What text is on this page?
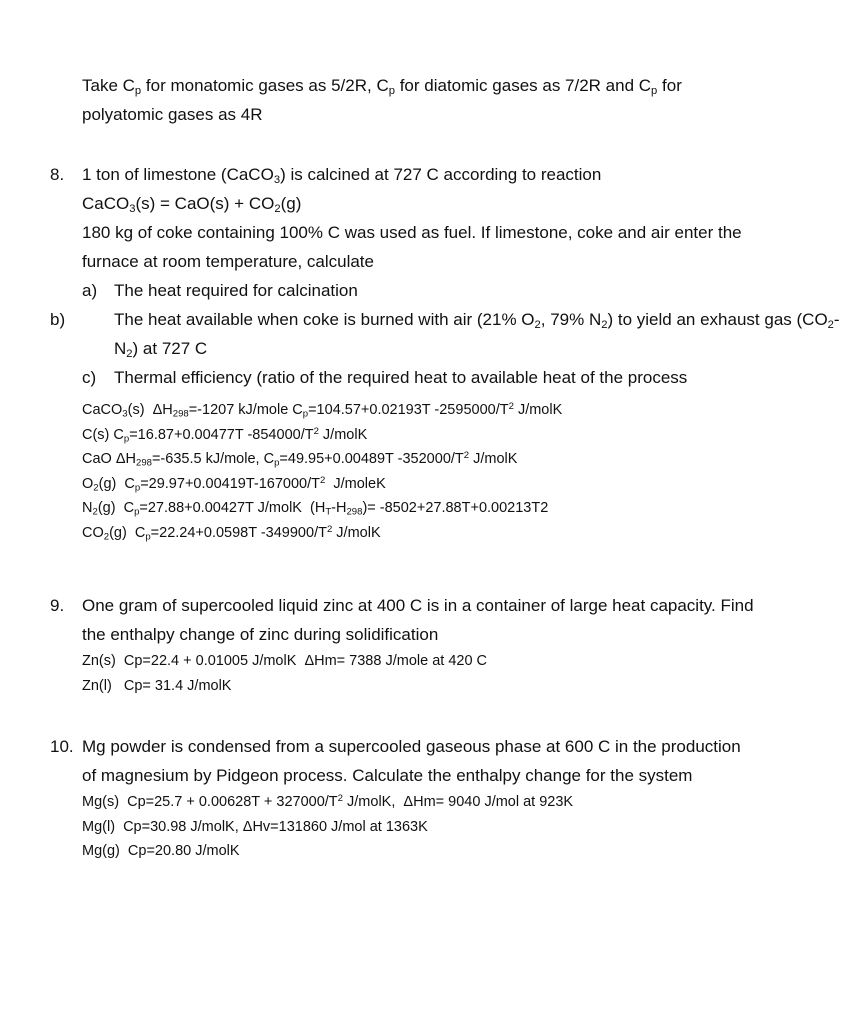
Take $C_p$ for monatomic gases as 5/2R, $C_p$ for diatomic gases as 7/2R and $C_p$ for
polyatomic gases as 4R
8. 1 ton of limestone (CaCO$_3$) is calcined at 727 C according to reaction
CaCO$_3$(s) = $CaO(s) + CO_2(g)$
180 kg of coke containing 100% C was used as fuel. If limestone, coke and air enter the
furnace at room temperature, calculate
a) The heat required for calcination
b)	The heat available when coke is burned with air (21% $O_2$, 79% $N_2$) to yield an exhaust gas $(CO_2-N_2)$ at 727 C
c) Thermal efficiency (ratio of the required heat to available heat of the process
CaCO$_3$(s)  $\Delta H_{298}=-1207$ kJ/mole $C_p=104.57+0.02193T$ $-2595000/T^2$ J/molK
C(s) $C_p=16.87+0.00477T$ $-854000/T^2$ J/molK
CaO $\Delta H_{298}=-635.5$ kJ/mole, $C_p=49.95+0.00489T$ $-352000/T^2$ J/molK
$O_2(g)$  $C_p=29.97+0.00419T-167000/T^2$  J/moleK
$N_2(g)$  $C_p=27.88+0.00427T$ J/molK  $(H_T-H_{298})= -8502+27.88T+0.00213T2$
$CO_2(g)$  $C_p=22.24+0.0598T$ $-349900/T^2$ J/molK
9. One gram of supercooled liquid zinc at 400 C is in a container of large heat capacity. Find
the enthalpy change of zinc during solidification
Zn(s)  Cp=22.4 + 0.01005 J/molK  ΔHm= 7388 J/mole at 420 C
Zn(l)   Cp= 31.4 J/molK
10. Mg powder is condensed from a supercooled gaseous phase at 600 C in the production
of magnesium by Pidgeon process. Calculate the enthalpy change for the system
Mg(s)  $Cp=25.7 + 0.00628T + 327000/T^2$ J/molK,  ΔHm= 9040 J/mol at 923K
Mg(l)  Cp=30.98 J/molK, ΔHv=131860 J/mol at 1363K
Mg(g)  Cp=20.80 J/molK
